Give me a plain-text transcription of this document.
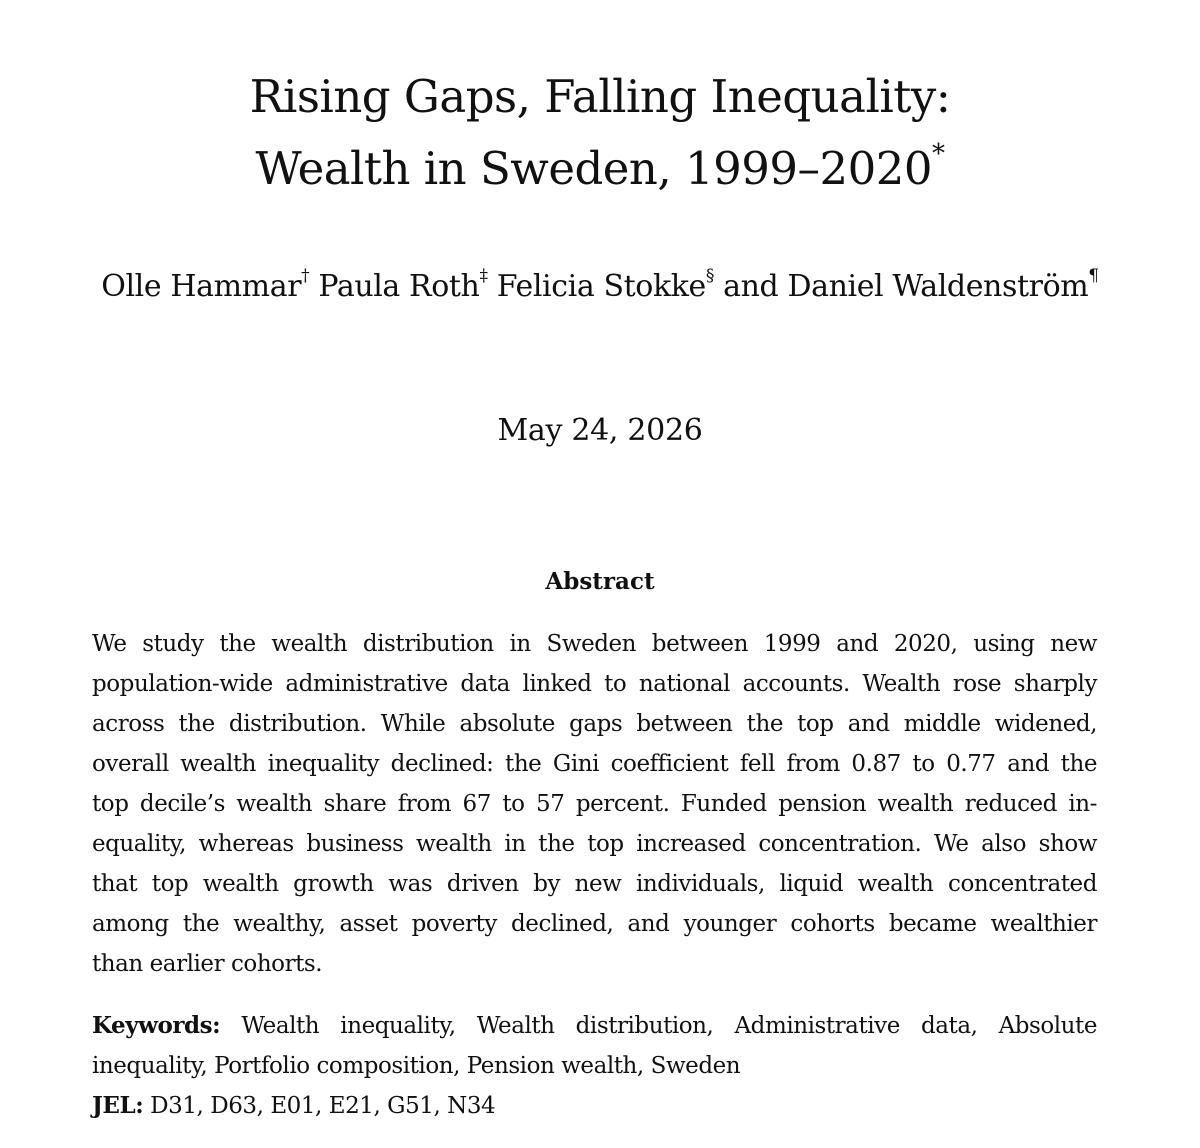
Rising Gaps, Falling Inequality:
Wealth in Sweden, 1999–2020*
Olle Hammar† Paula Roth‡ Felicia Stokke§ and Daniel Waldenström¶
May 24, 2026
Abstract
We study the wealth distribution in Sweden between 1999 and 2020, using new
population-wide administrative data linked to national accounts. Wealth rose sharply
across the distribution. While absolute gaps between the top and middle widened,
overall wealth inequality declined: the Gini coefficient fell from 0.87 to 0.77 and the
top decile’s wealth share from 67 to 57 percent. Funded pension wealth reduced in-
equality, whereas business wealth in the top increased concentration. We also show
that top wealth growth was driven by new individuals, liquid wealth concentrated
among the wealthy, asset poverty declined, and younger cohorts became wealthier
than earlier cohorts.
Keywords: Wealth inequality, Wealth distribution, Administrative data, Absolute
inequality, Portfolio composition, Pension wealth, Sweden
JEL: D31, D63, E01, E21, G51, N34
